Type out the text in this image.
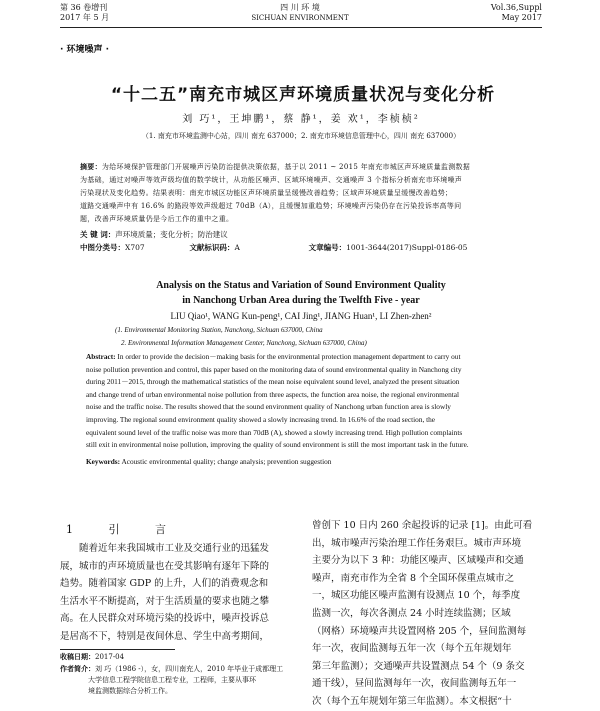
第 36 卷增刊
2017 年 5 月
四 川 环 境
SICHUAN ENVIRONMENT
Vol.36,Suppl
May 2017
· 环境噪声 ·
“十二五”南充市城区声环境质量状况与变化分析
刘 巧¹，王坤鹏¹，蔡 静¹，姜 欢¹，李桢桢²
（1. 南充市环境监测中心站，四川 南充 637000；2. 南充市环境信息管理中心，四川 南充 637000）
摘要：为给环境保护管理部门开展噪声污染防治提供决策依据，基于以 2011 ~ 2015 年南充市城区声环境质量监测数据
为基础，通过对噪声等效声级均值的数学统计，从功能区噪声、区域环境噪声、交通噪声 3 个指标分析南充市环境噪声
污染现状及变化趋势。结果表明：南充市城区功能区声环境质量呈缓慢改善趋势；区域声环境质量呈缓慢改善趋势；
道路交通噪声中有 16.6% 的路段等效声级超过 70dB（A），且缓慢加重趋势；环境噪声污染仍存在污染投诉率高等问
题，改善声环境质量仍是今后工作的重中之重。
关 键 词：声环境质量；变化分析；防治建议
中图分类号：X707	文献标识码：A	文章编号：1001-3644(2017)Suppl-0186-05
Analysis on the Status and Variation of Sound Environment Quality
in Nanchong Urban Area during the Twelfth Five - year
LIU Qiao¹, WANG Kun-peng¹, CAI Jing¹, JIANG Huan¹, LI Zhen-zhen²
(1. Environmental Monitoring Station, Nanchong, Sichuan 637000, China
2. Environmental Information Management Center, Nanchong, Sichuan 637000, China)
Abstract: In order to provide the decision－making basis for the environmental protection management department to carry out
noise pollution prevention and control, this paper based on the monitoring data of sound environmental quality in Nanchong city
during 2011－2015, through the mathematical statistics of the mean noise equivalent sound level, analyzed the present situation
and change trend of urban environmental noise pollution from three aspects, the function area noise, the regional environmental
noise and the traffic noise. The results showed that the sound environment quality of Nanchong urban function area is slowly
improving. The regional sound environment quality showed a slowly increasing trend. In 16.6% of the road section, the
equivalent sound level of the traffic noise was more than 70dB (A), showed a slowly increasing trend. High pollution complaints
still exit in environmental noise pollution, improving the quality of sound environment is still the most important task in the future.
Keywords: Acoustic environmental quality; change analysis; prevention suggestion
1 引 言
　　随着近年来我国城市工业及交通行业的迅猛发
展，城市的声环境质量也在受其影响有逐年下降的
趋势。随着国家 GDP 的上升，人们的消费观念和
生活水平不断提高，对于生活质量的要求也随之攀
高。在人民群众对环境污染的投诉中，噪声投诉总
是居高不下，特别是夜间休息、学生中高考期间，
收稿日期：2017-04
作者简介：刘 巧（1986 -），女，四川南充人，2010 年毕业于成都理工
大学信息工程学院信息工程专业，工程师，主要从事环
境监测数据综合分析工作。
曾创下 10 日内 260 余起投诉的记录 [1]。由此可看
出，城市噪声污染治理工作任务艰巨。城市声环境
主要分为以下 3 种：功能区噪声、区域噪声和交通
噪声，南充市作为全省 8 个全国环保重点城市之
一，城区功能区噪声监测有设测点 10 个，每季度
监测一次，每次各测点 24 小时连续监测；区域
（网格）环境噪声共设置网格 205 个，昼间监测每
年一次，夜间监测每五年一次（每个五年规划年
第三年监测）；交通噪声共设置测点 54 个（9 条交
通干线），昼间监测每年一次，夜间监测每五年一
次（每个五年规划年第三年监测）。本文根据“十
